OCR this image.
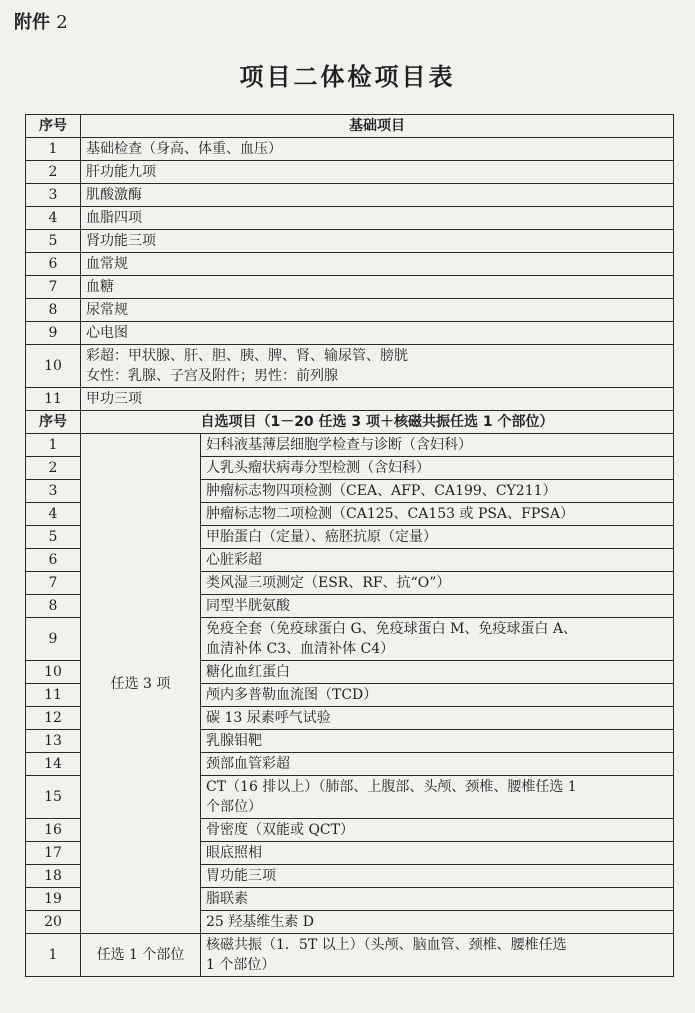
附件 2
项目二体检项目表
序号	基础项目	
1	基础检查（身高、体重、血压）	
2	肝功能九项	
3	肌酸激酶	
4	血脂四项	
5	肾功能三项	
6	血常规	
7	血糖	
8	尿常规	
9	心电图	
10	彩超：甲状腺、肝、胆、胰、脾、肾、输尿管、膀胱
女性：乳腺、子宫及附件；男性：前列腺	

11	甲功三项	
序号	自选项目（1－20 任选 3 项＋核磁共振任选 1 个部位）	
1	任选 3 项	妇科液基薄层细胞学检查与诊断（含妇科）
2		人乳头瘤状病毒分型检测（含妇科）
3		肿瘤标志物四项检测（CEA、AFP、CA199、CY211）
4		肿瘤标志物二项检测（CA125、CA153 或 PSA、FPSA）
5		甲胎蛋白（定量）、癌胚抗原（定量）
6		心脏彩超
7		类风湿三项测定（ESR、RF、抗“O”）
8		同型半胱氨酸
9		免疫全套（免疫球蛋白 G、免疫球蛋白 M、免疫球蛋白 A、
血清补体 C3、血清补体 C4）

10		糖化血红蛋白
11		颅内多普勒血流图（TCD）
12		碳 13 尿素呼气试验
13		乳腺钼靶
14		颈部血管彩超
15		CT（16 排以上）（肺部、上腹部、头颅、颈椎、腰椎任选 1
个部位）

16		骨密度（双能或 QCT）
17		眼底照相
18		胃功能三项
19		脂联素
20		25 羟基维生素 D
1	任选 1 个部位	核磁共振（1．5T 以上）（头颅、脑血管、颈椎、腰椎任选
1 个部位）
